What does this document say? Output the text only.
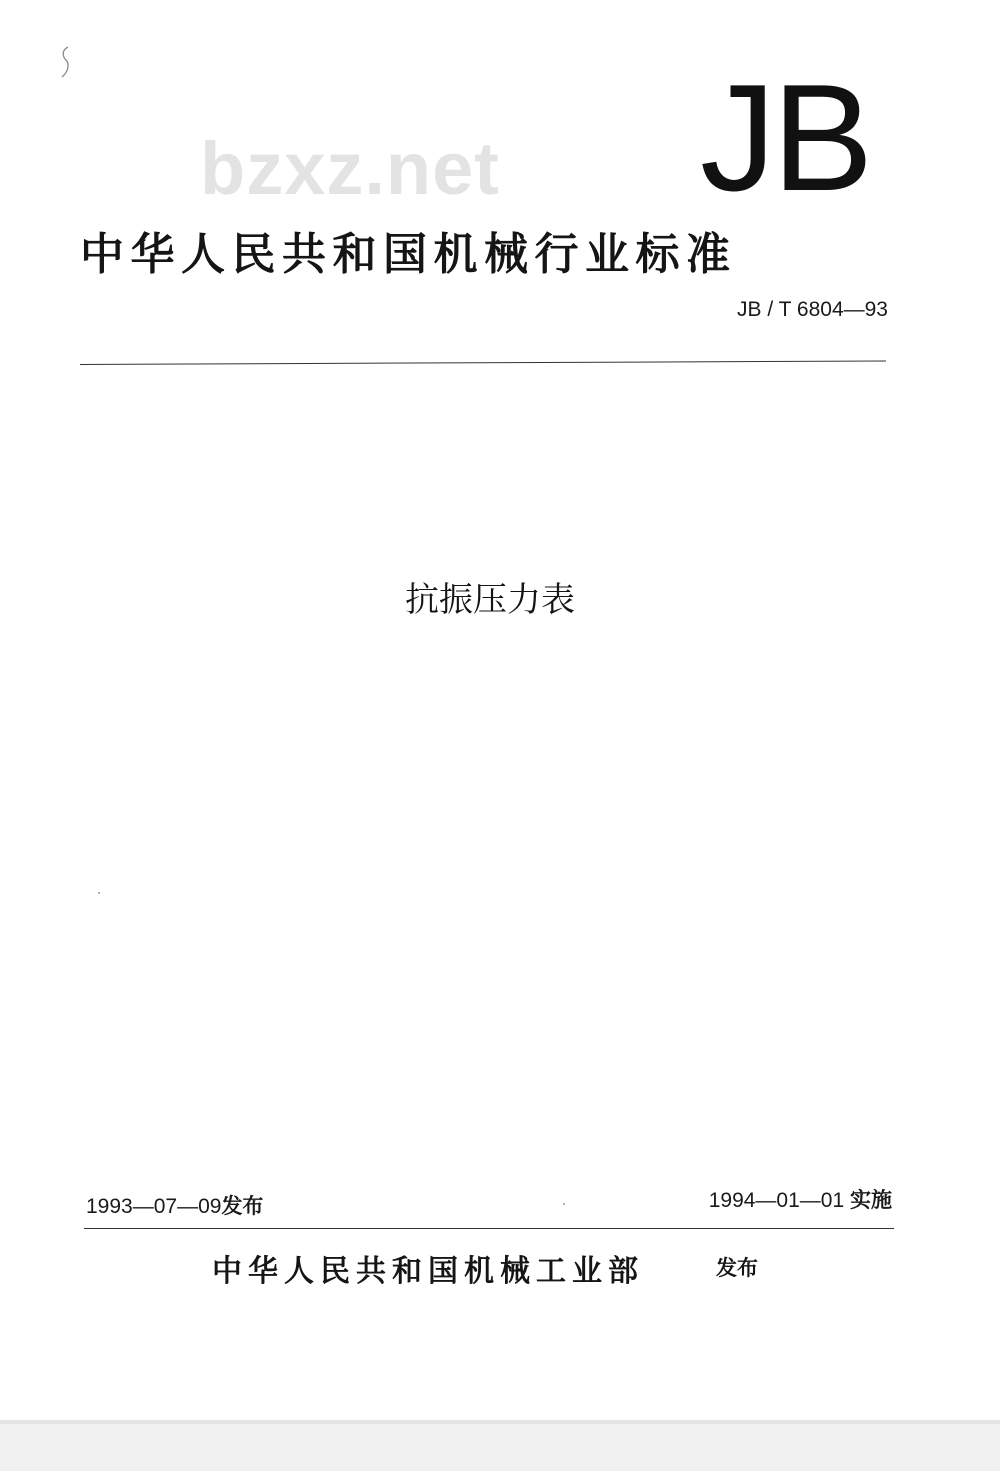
bzxz.net JB
中华人民共和国机械行业标准
JB / T 6804—93
抗振压力表
1993—07—09发布	1994—01—01 实施
中华人民共和国机械工业部	发布
